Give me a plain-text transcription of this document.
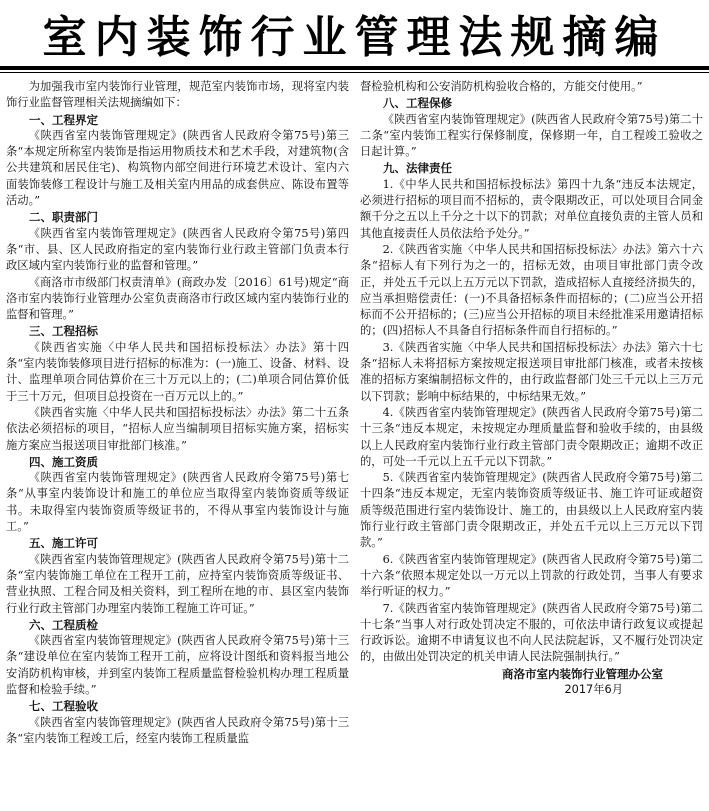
室内装饰行业管理法规摘编

为加强我市室内装饰行业管理，规范室内装饰市场，现将室内装饰行业监督管理相关法规摘编如下：

一、工程界定

《陕西省室内装饰管理规定》(陕西省人民政府令第75号)第三条“本规定所称室内装饰是指运用物质技术和艺术手段，对建筑物(含公共建筑和居民住宅)、构筑物内部空间进行环境艺术设计、室内六面装饰装修工程设计与施工及相关室内用品的成套供应、陈设布置等活动。”

二、职责部门

《陕西省室内装饰管理规定》(陕西省人民政府令第75号)第四条“市、县、区人民政府指定的室内装饰行业行政主管部门负责本行政区域内室内装饰行业的监督和管理。”

《商洛市市级部门权责清单》(商政办发〔2016〕61号)规定“商洛市室内装饰行业管理办公室负责商洛市行政区域内室内装饰行业的监督和管理。”

三、工程招标

《陕西省实施〈中华人民共和国招标投标法〉办法》第十四条“室内装饰装修项目进行招标的标准为：(一)施工、设备、材料、设计、监理单项合同估算价在三十万元以上的；(二)单项合同估算价低于三十万元，但项目总投资在一百万元以上的。”

《陕西省实施〈中华人民共和国招标投标法〉办法》第二十五条依法必须招标的项目，“招标人应当编制项目招标实施方案，招标实施方案应当报送项目审批部门核准。”

四、施工资质

《陕西省室内装饰管理规定》(陕西省人民政府令第75号)第七条“从事室内装饰设计和施工的单位应当取得室内装饰资质等级证书。未取得室内装饰资质等级证书的，不得从事室内装饰设计与施工。”

五、施工许可

《陕西省室内装饰管理规定》(陕西省人民政府令第75号)第十二条“室内装饰施工单位在工程开工前，应持室内装饰资质等级证书、营业执照、工程合同及相关资料，到工程所在地的市、县区室内装饰行业行政主管部门办理室内装饰工程施工许可证。”

六、工程质检

《陕西省室内装饰管理规定》(陕西省人民政府令第75号)第十三条“建设单位在室内装饰工程开工前，应将设计图纸和资料报当地公安消防机构审核，并到室内装饰工程质量监督检验机构办理工程质量监督和检验手续。”

七、工程验收

《陕西省室内装饰管理规定》(陕西省人民政府令第75号)第十三条“室内装饰工程竣工后，经室内装饰工程质量监

督检验机构和公安消防机构验收合格的，方能交付使用。”

八、工程保修

《陕西省室内装饰管理规定》(陕西省人民政府令第75号)第二十二条“室内装饰工程实行保修制度，保修期一年，自工程竣工验收之日起计算。”

九、法律责任

1.《中华人民共和国招标投标法》第四十九条“违反本法规定，必须进行招标的项目而不招标的，责令限期改正，可以处项目合同金额千分之五以上千分之十以下的罚款；对单位直接负责的主管人员和其他直接责任人员依法给予处分。”

2.《陕西省实施〈中华人民共和国招标投标法〉办法》第六十六条“招标人有下列行为之一的，招标无效，由项目审批部门责令改正，并处五千元以上五万元以下罚款，造成招标人直接经济损失的，应当承担赔偿责任：(一)不具备招标条件而招标的；(二)应当公开招标而不公开招标的；(三)应当公开招标的项目未经批准采用邀请招标的；(四)招标人不具备自行招标条件而自行招标的。”

3.《陕西省实施〈中华人民共和国招标投标法〉办法》第六十七条“招标人未将招标方案按规定报送项目审批部门核准，或者未按核准的招标方案编制招标文件的，由行政监督部门处三千元以上三万元以下罚款；影响中标结果的，中标结果无效。”

4.《陕西省室内装饰管理规定》(陕西省人民政府令第75号)第二十三条“违反本规定，未按规定办理质量监督和验收手续的，由县级以上人民政府室内装饰行业行政主管部门责令限期改正；逾期不改正的，可处一千元以上五千元以下罚款。”

5.《陕西省室内装饰管理规定》(陕西省人民政府令第75号)第二十四条“违反本规定，无室内装饰资质等级证书、施工许可证或超资质等级范围进行室内装饰设计、施工的，由县级以上人民政府室内装饰行业行政主管部门责令限期改正，并处五千元以上三万元以下罚款。”

6.《陕西省室内装饰管理规定》(陕西省人民政府令第75号)第二十六条“依照本规定处以一万元以上罚款的行政处罚，当事人有要求举行听证的权力。”

7.《陕西省室内装饰管理规定》(陕西省人民政府令第75号)第二十七条“当事人对行政处罚决定不服的，可依法申请行政复议或提起行政诉讼。逾期不申请复议也不向人民法院起诉，又不履行处罚决定的，由做出处罚决定的机关申请人民法院强制执行。”

商洛市室内装饰行业管理办公室
2017年6月
